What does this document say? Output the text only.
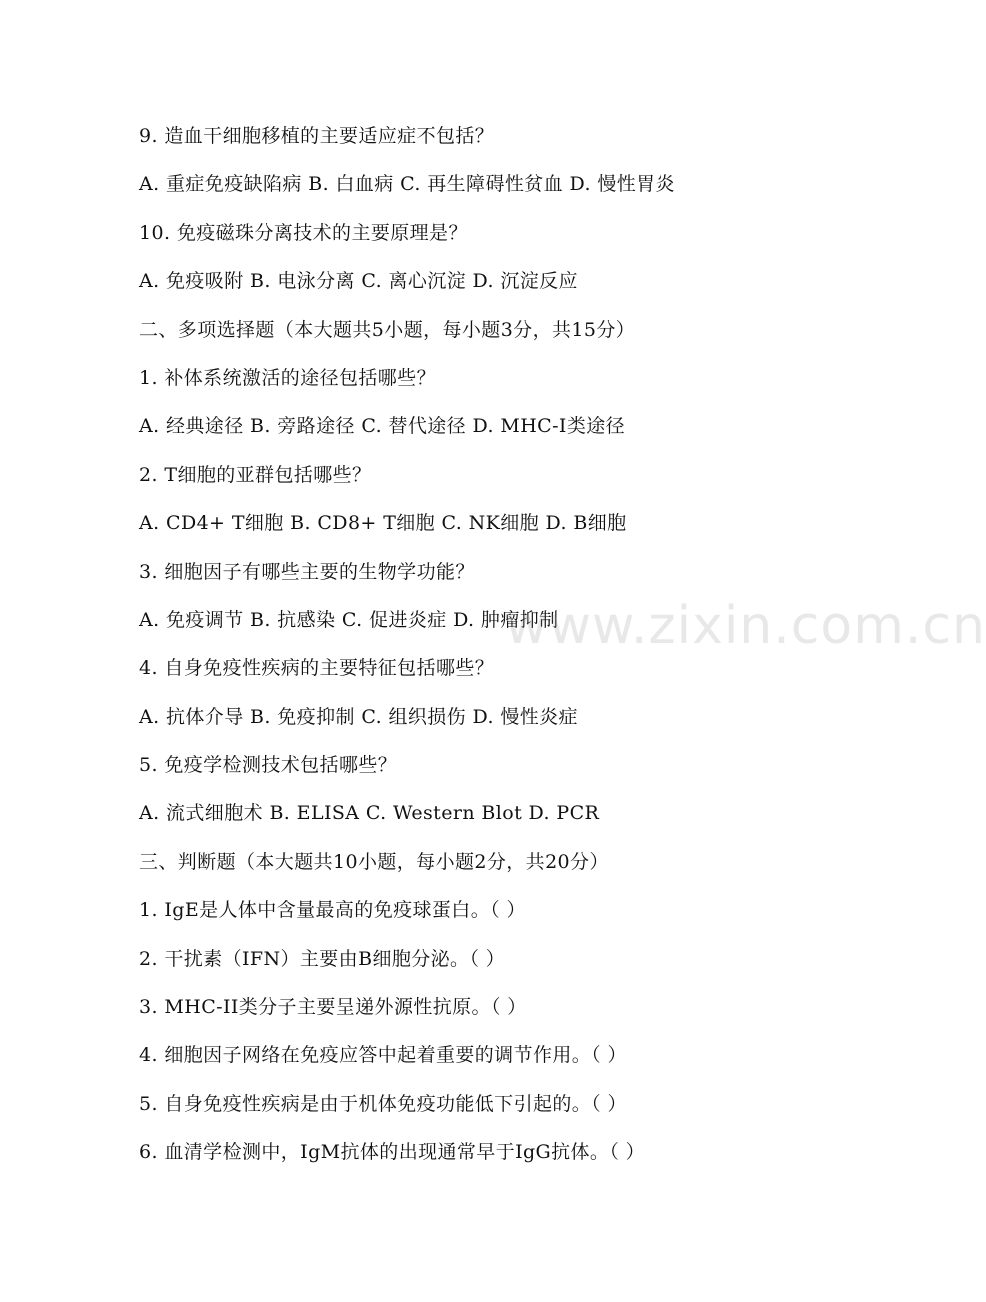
9. 造血干细胞移植的主要适应症不包括？
A. 重症免疫缺陷病 B. 白血病 C. 再生障碍性贫血 D. 慢性胃炎
10. 免疫磁珠分离技术的主要原理是？
A. 免疫吸附 B. 电泳分离 C. 离心沉淀 D. 沉淀反应
二、多项选择题（本大题共5小题，每小题3分，共15分）
1. 补体系统激活的途径包括哪些？
A. 经典途径 B. 旁路途径 C. 替代途径 D. MHC-I类途径
2. T细胞的亚群包括哪些？
A. CD4+ T细胞 B. CD8+ T细胞 C. NK细胞 D. B细胞
3. 细胞因子有哪些主要的生物学功能？
A. 免疫调节 B. 抗感染 C. 促进炎症 D. 肿瘤抑制
4. 自身免疫性疾病的主要特征包括哪些？
A. 抗体介导 B. 免疫抑制 C. 组织损伤 D. 慢性炎症
5. 免疫学检测技术包括哪些？
A. 流式细胞术 B. ELISA C. Western Blot D. PCR
三、判断题（本大题共10小题，每小题2分，共20分）
1. IgE是人体中含量最高的免疫球蛋白。（ ）
2. 干扰素（IFN）主要由B细胞分泌。（ ）
3. MHC-II类分子主要呈递外源性抗原。（ ）
4. 细胞因子网络在免疫应答中起着重要的调节作用。（ ）
5. 自身免疫性疾病是由于机体免疫功能低下引起的。（ ）
6. 血清学检测中，IgM抗体的出现通常早于IgG抗体。（ ）
www.zixin.com.cn
